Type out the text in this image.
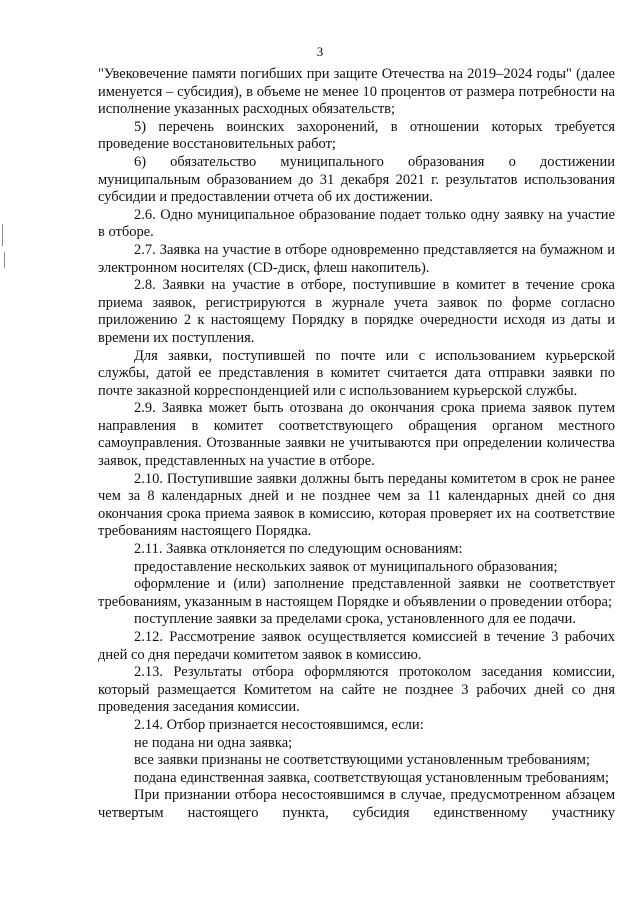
3

"Увековечение памяти погибших при защите Отечества на 2019–2024 годы" (далее именуется – субсидия), в объеме не менее 10 процентов от размера потребности на исполнение указанных расходных обязательств;

5) перечень воинских захоронений, в отношении которых требуется проведение восстановительных работ;

6) обязательство муниципального образования о достижении муниципальным образованием до 31 декабря 2021 г. результатов использования субсидии и предоставлении отчета об их достижении.

2.6. Одно муниципальное образование подает только одну заявку на участие в отборе.

2.7. Заявка на участие в отборе одновременно представляется на бумажном и электронном носителях (CD-диск, флеш накопитель).

2.8. Заявки на участие в отборе, поступившие в комитет в течение срока приема заявок, регистрируются в журнале учета заявок по форме согласно приложению 2 к настоящему Порядку в порядке очередности исходя из даты и времени их поступления.

Для заявки, поступившей по почте или с использованием курьерской службы, датой ее представления в комитет считается дата отправки заявки по почте заказной корреспонденцией или с использованием курьерской службы.

2.9. Заявка может быть отозвана до окончания срока приема заявок путем направления в комитет соответствующего обращения органом местного самоуправления. Отозванные заявки не учитываются при определении количества заявок, представленных на участие в отборе.

2.10. Поступившие заявки должны быть переданы комитетом в срок не ранее чем за 8 календарных дней и не позднее чем за 11 календарных дней со дня окончания срока приема заявок в комиссию, которая проверяет их на соответствие требованиям настоящего Порядка.

2.11. Заявка отклоняется по следующим основаниям:

предоставление нескольких заявок от муниципального образования;

оформление и (или) заполнение представленной заявки не соответствует требованиям, указанным в настоящем Порядке и объявлении о проведении отбора;

поступление заявки за пределами срока, установленного для ее подачи.

2.12. Рассмотрение заявок осуществляется комиссией в течение 3 рабочих дней со дня передачи комитетом заявок в комиссию.

2.13. Результаты отбора оформляются протоколом заседания комиссии, который размещается Комитетом на сайте не позднее 3 рабочих дней со дня проведения заседания комиссии.

2.14. Отбор признается несостоявшимся, если:

не подана ни одна заявка;

все заявки признаны не соответствующими установленным требованиям;

подана единственная заявка, соответствующая установленным требованиям;

При признании отбора несостоявшимся в случае, предусмотренном абзацем четвертым настоящего пункта, субсидия единственному участнику
